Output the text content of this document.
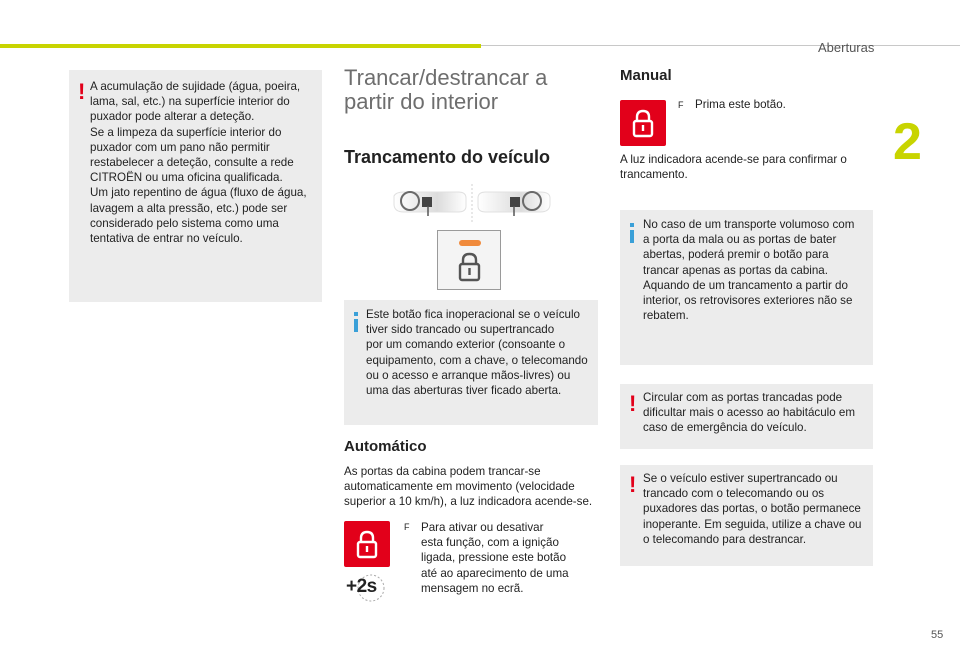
Aberturas
2
55
! A acumulação de sujidade (água, poeira,
lama, sal, etc.) na superfície interior do
puxador pode alterar a deteção.
Se a limpeza da superfície interior do
puxador com um pano não permitir
restabelecer a deteção, consulte a rede
CITROËN ou uma oficina qualificada.
Um jato repentino de água (fluxo de água,
lavagem a alta pressão, etc.) pode ser
considerado pelo sistema como uma
tentativa de entrar no veículo.
Trancar/destrancar a
partir do interior
Trancamento do veículo
Este botão fica inoperacional se o veículo
tiver sido trancado ou supertrancado
por um comando exterior (consoante o
equipamento, com a chave, o telecomando
ou o acesso e arranque mãos-livres) ou
uma das aberturas tiver ficado aberta.
Automático
As portas da cabina podem trancar-se
automaticamente em movimento (velocidade
superior a 10 km/h), a luz indicadora acende-se.
+2s
F Para ativar ou desativar
esta função, com a ignição
ligada, pressione este botão
até ao aparecimento de uma
mensagem no ecrã.
Manual
F Prima este botão.
A luz indicadora acende-se para confirmar o
trancamento.
No caso de um transporte volumoso com
a porta da mala ou as portas de bater
abertas, poderá premir o botão para
trancar apenas as portas da cabina.
Aquando de um trancamento a partir do
interior, os retrovisores exteriores não se
rebatem.
! Circular com as portas trancadas pode
dificultar mais o acesso ao habitáculo em
caso de emergência do veículo.
! Se o veículo estiver supertrancado ou
trancado com o telecomando ou os
puxadores das portas, o botão permanece
inoperante. Em seguida, utilize a chave ou
o telecomando para destrancar.
